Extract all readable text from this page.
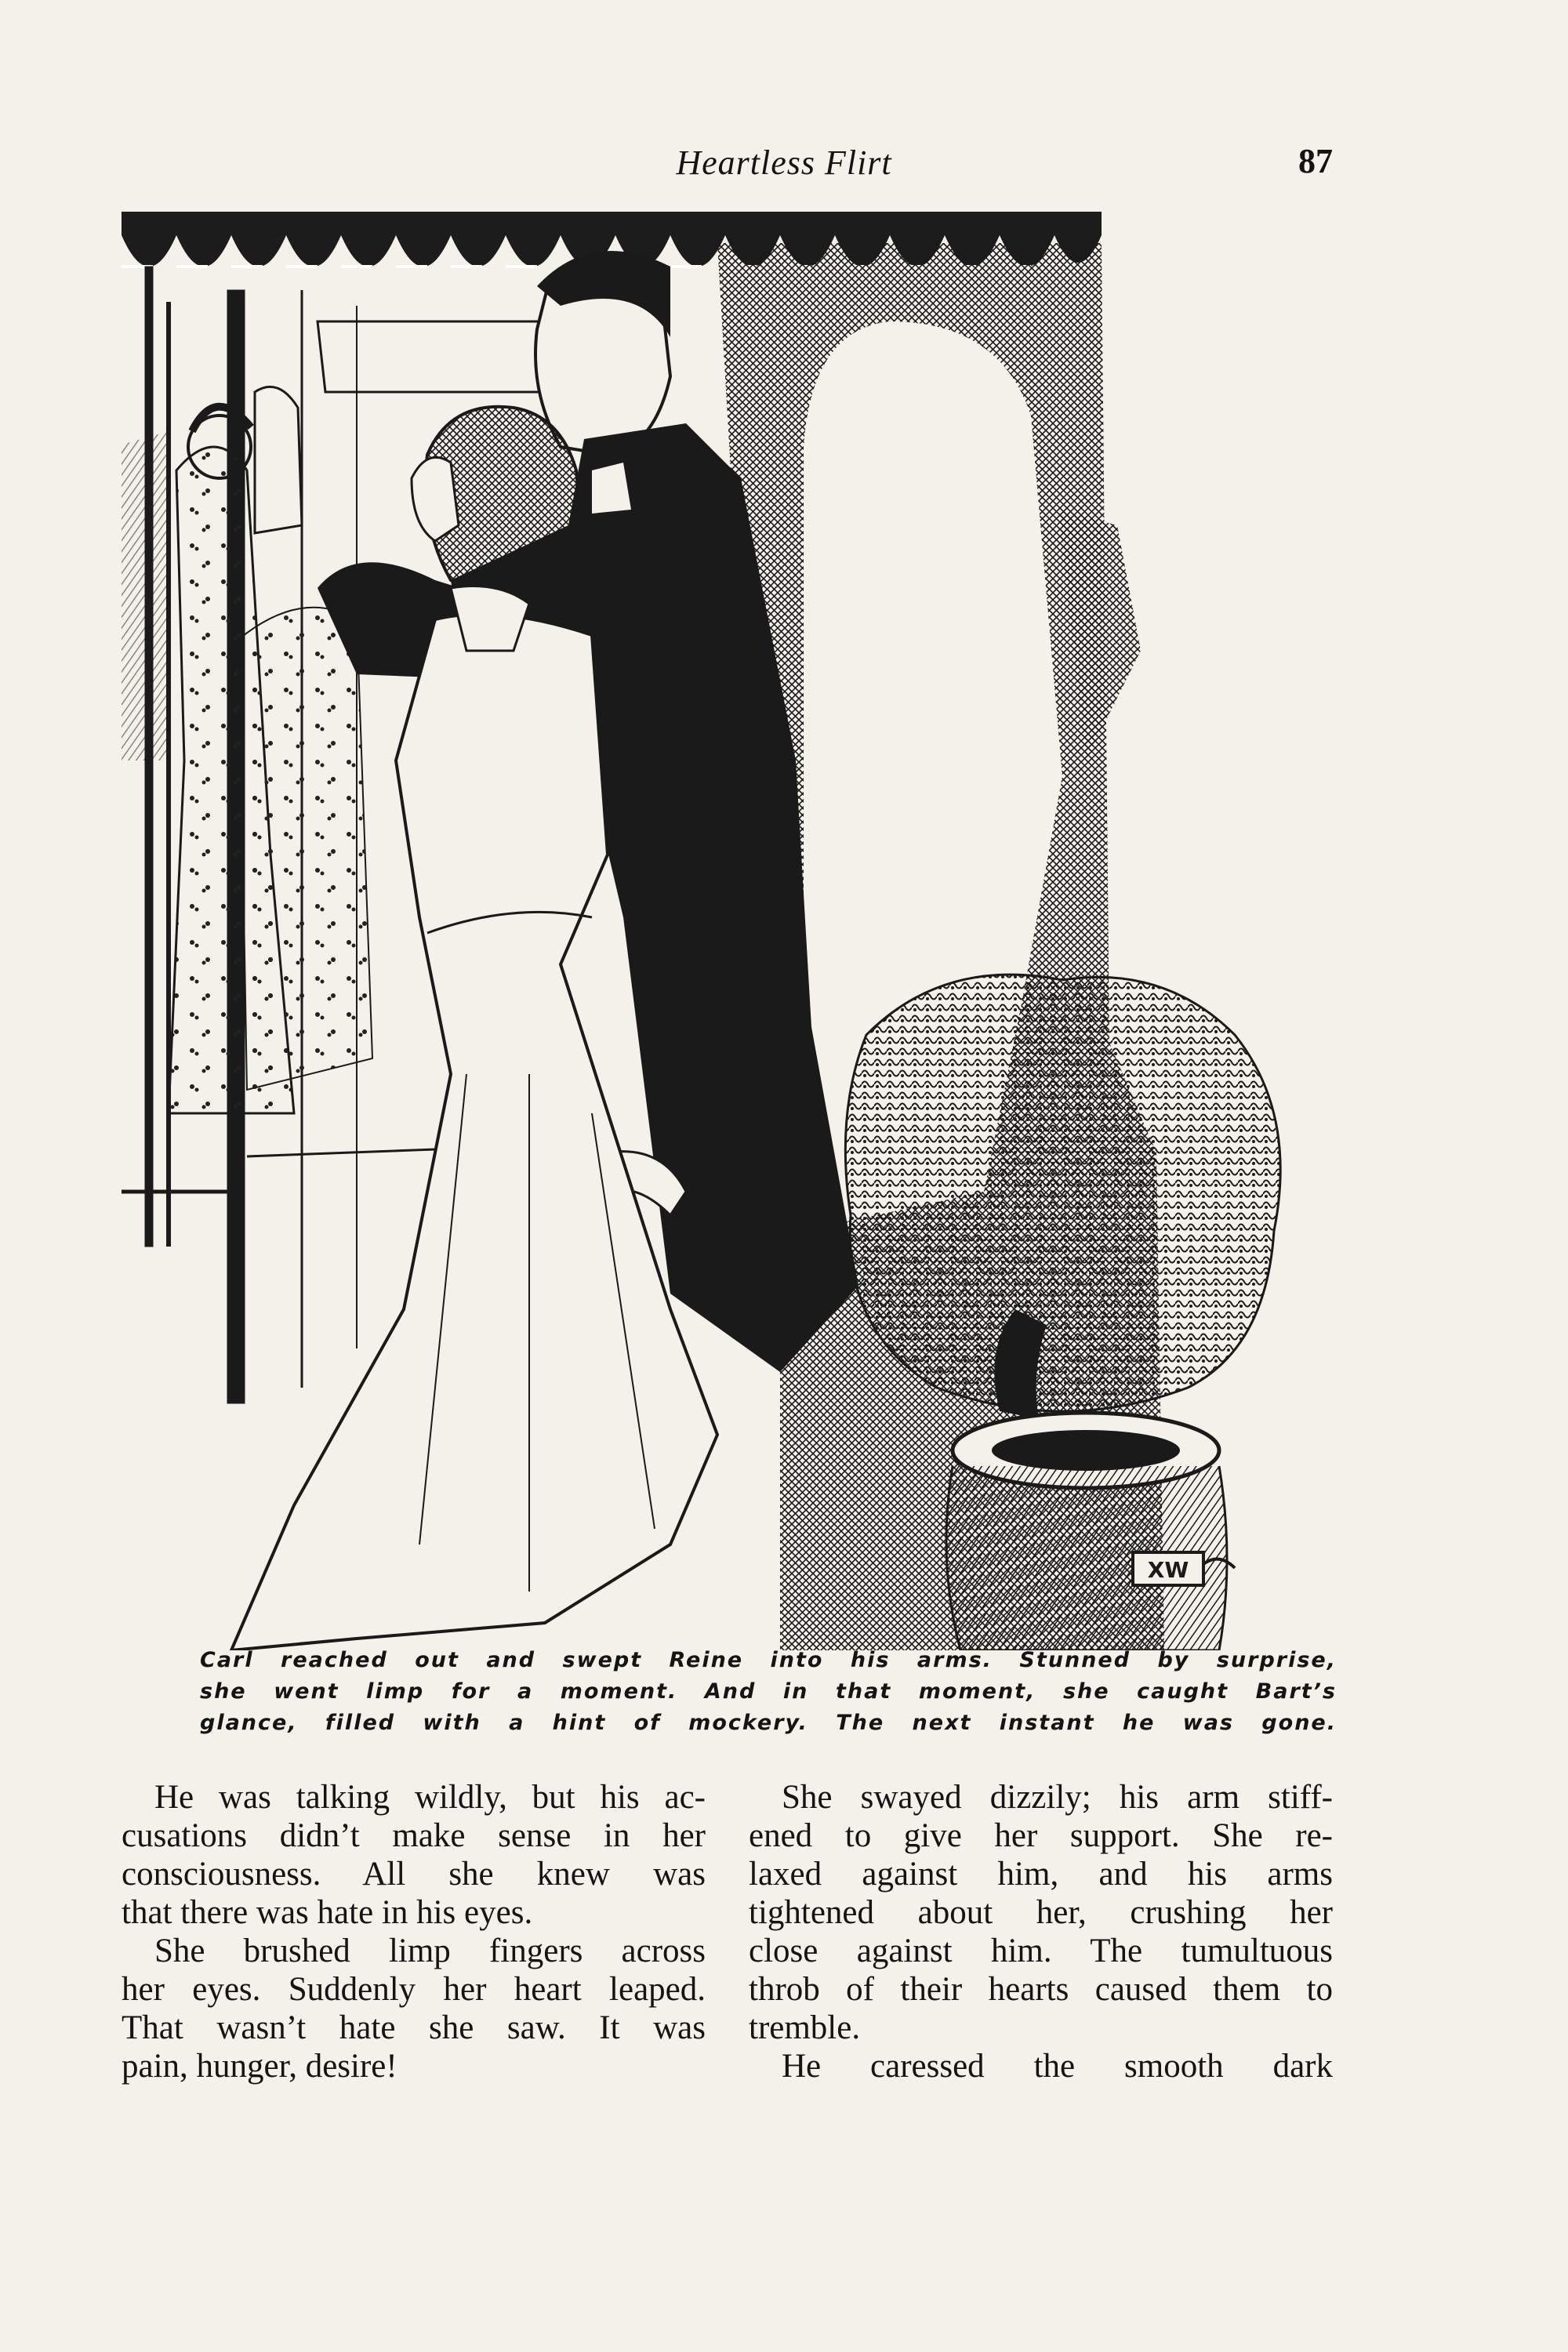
Heartless Flirt	87
XW
Carl reached out and swept Reine into his arms. Stunned by surprise,
she went limp for a moment. And in that moment, she caught Bart’s
glance, filled with a hint of mockery. The next instant he was gone.

He was talking wildly, but his ac-
cusations didn’t make sense in her
consciousness. All she knew was
that there was hate in his eyes.

She brushed limp fingers across
her eyes. Suddenly her heart leaped.
That wasn’t hate she saw. It was
pain, hunger, desire!

She swayed dizzily; his arm stiff-
ened to give her support. She re-
laxed against him, and his arms
tightened about her, crushing her
close against him. The tumultuous
throb of their hearts caused them to
tremble.

He caressed the smooth dark
